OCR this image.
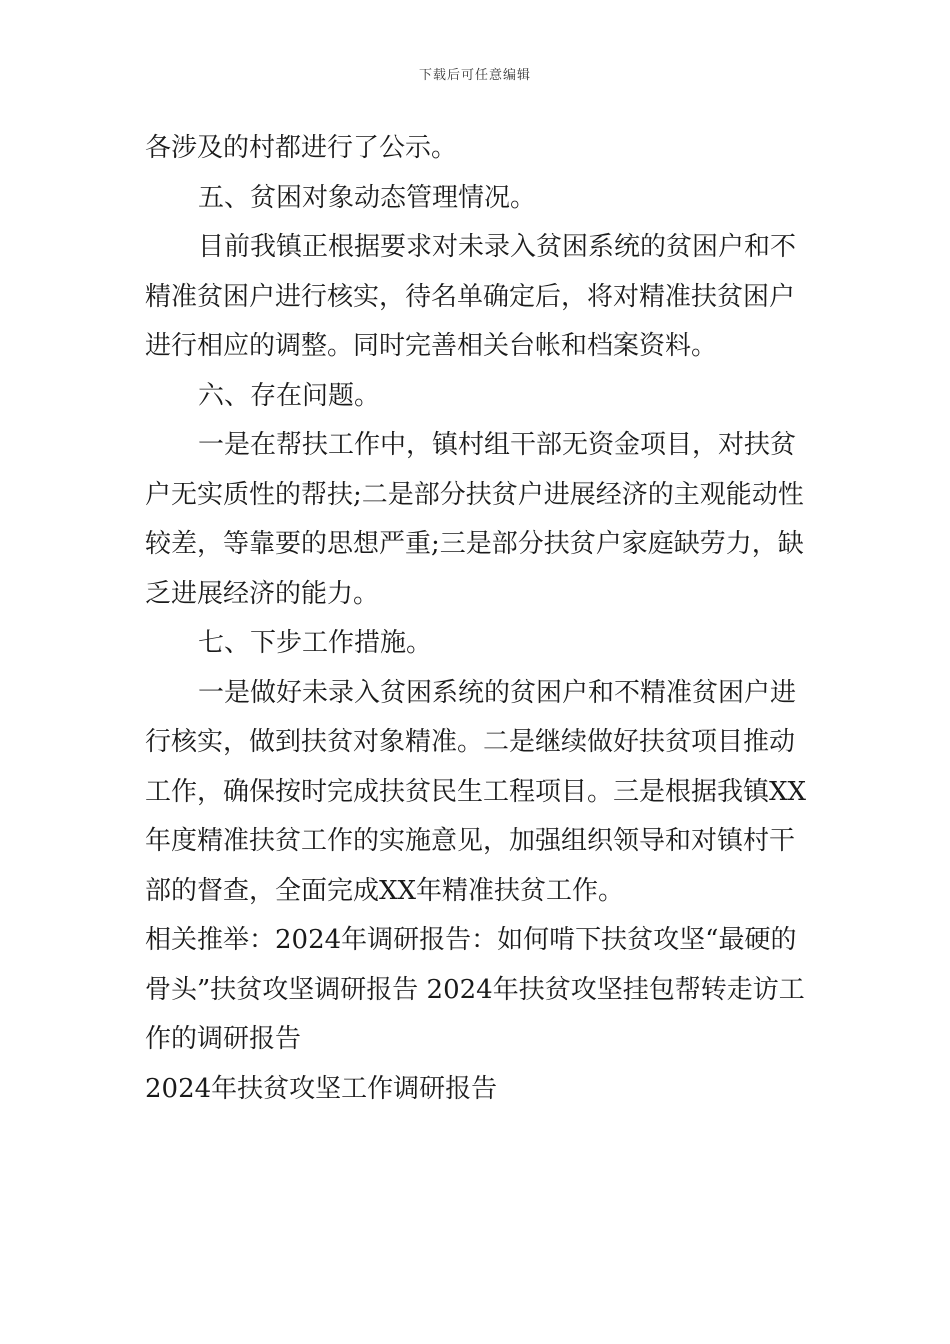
下载后可任意编辑
各涉及的村都进行了公示。
五、贫困对象动态管理情况。
目前我镇正根据要求对未录入贫困系统的贫困户和不
精准贫困户进行核实，待名单确定后，将对精准扶贫困户
进行相应的调整。同时完善相关台帐和档案资料。
六、存在问题。
一是在帮扶工作中，镇村组干部无资金项目，对扶贫
户无实质性的帮扶;二是部分扶贫户进展经济的主观能动性
较差，等靠要的思想严重;三是部分扶贫户家庭缺劳力，缺
乏进展经济的能力。
七、下步工作措施。
一是做好未录入贫困系统的贫困户和不精准贫困户进
行核实，做到扶贫对象精准。二是继续做好扶贫项目推动
工作，确保按时完成扶贫民生工程项目。三是根据我镇XX
年度精准扶贫工作的实施意见，加强组织领导和对镇村干
部的督查，全面完成XX年精准扶贫工作。
相关推举：2024年调研报告：如何啃下扶贫攻坚“最硬的
骨头”扶贫攻坚调研报告 2024年扶贫攻坚挂包帮转走访工
作的调研报告
2024年扶贫攻坚工作调研报告
